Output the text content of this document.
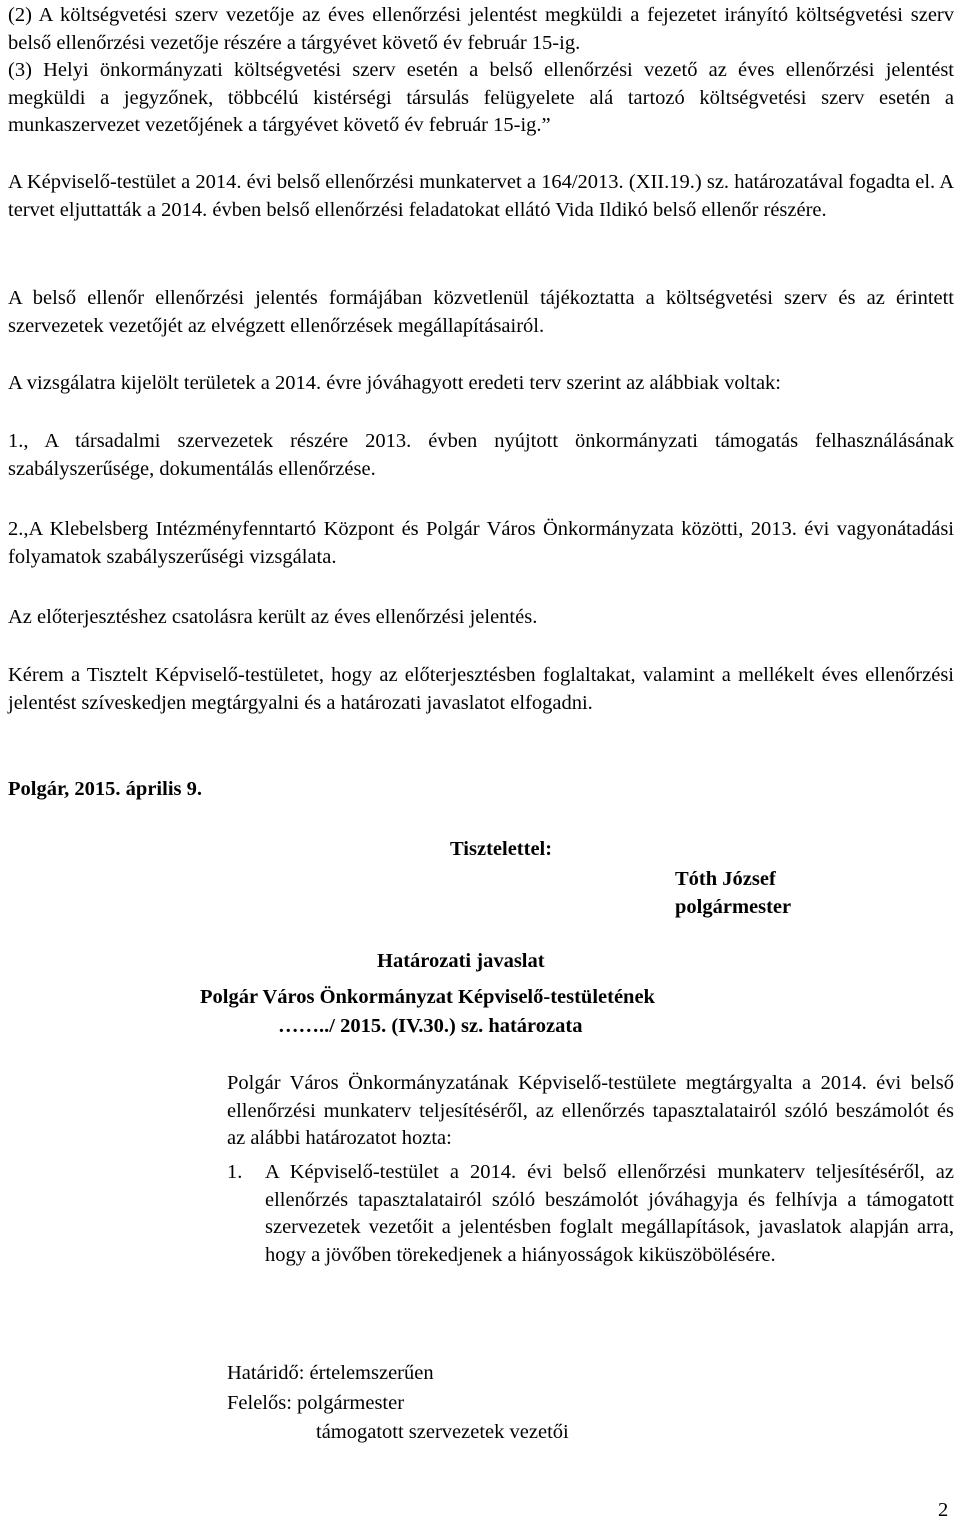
(2) A költségvetési szerv vezetője az éves ellenőrzési jelentést megküldi a fejezetet irányító költségvetési szerv belső ellenőrzési vezetője részére a tárgyévet követő év február 15-ig.
(3) Helyi önkormányzati költségvetési szerv esetén a belső ellenőrzési vezető az éves ellenőrzési jelentést megküldi a jegyzőnek, többcélú kistérségi társulás felügyelete alá tartozó költségvetési szerv esetén a munkaszervezet vezetőjének a tárgyévet követő év február 15-ig.”
A Képviselő-testület a 2014. évi belső ellenőrzési munkatervet a 164/2013. (XII.19.) sz. határozatával fogadta el. A tervet eljuttatták a 2014. évben belső ellenőrzési feladatokat ellátó Vida Ildikó belső ellenőr részére.
A belső ellenőr ellenőrzési jelentés formájában közvetlenül tájékoztatta a költségvetési szerv és az érintett szervezetek vezetőjét az elvégzett ellenőrzések megállapításairól.
A vizsgálatra kijelölt területek a 2014. évre jóváhagyott eredeti terv szerint az alábbiak voltak:
1., A társadalmi szervezetek részére 2013. évben nyújtott önkormányzati támogatás felhasználásának szabályszerűsége, dokumentálás ellenőrzése.
2.,A Klebelsberg Intézményfenntartó Központ és Polgár Város Önkormányzata közötti, 2013. évi vagyonátadási folyamatok szabályszerűségi vizsgálata.
Az előterjesztéshez csatolásra került az éves ellenőrzési jelentés.
Kérem a Tisztelt Képviselő-testületet, hogy az előterjesztésben foglaltakat, valamint a mellékelt éves ellenőrzési jelentést szíveskedjen megtárgyalni és a határozati javaslatot elfogadni.
Polgár, 2015. április 9.
Tisztelettel:
Tóth József
polgármester
Határozati javaslat
Polgár Város Önkormányzat Képviselő-testületének
……../ 2015. (IV.30.) sz. határozata
Polgár Város Önkormányzatának Képviselő-testülete megtárgyalta a 2014. évi belső ellenőrzési munkaterv teljesítéséről, az ellenőrzés tapasztalatairól szóló beszámolót és az alábbi határozatot hozta:
1.	A Képviselő-testület a 2014. évi belső ellenőrzési munkaterv teljesítéséről, az ellenőrzés tapasztalatairól szóló beszámolót jóváhagyja és felhívja a támogatott szervezetek vezetőit a jelentésben foglalt megállapítások, javaslatok alapján arra, hogy a jövőben törekedjenek a hiányosságok kiküszöbölésére.
Határidő: értelemszerűen
Felelős: polgármester
támogatott szervezetek vezetői
2
